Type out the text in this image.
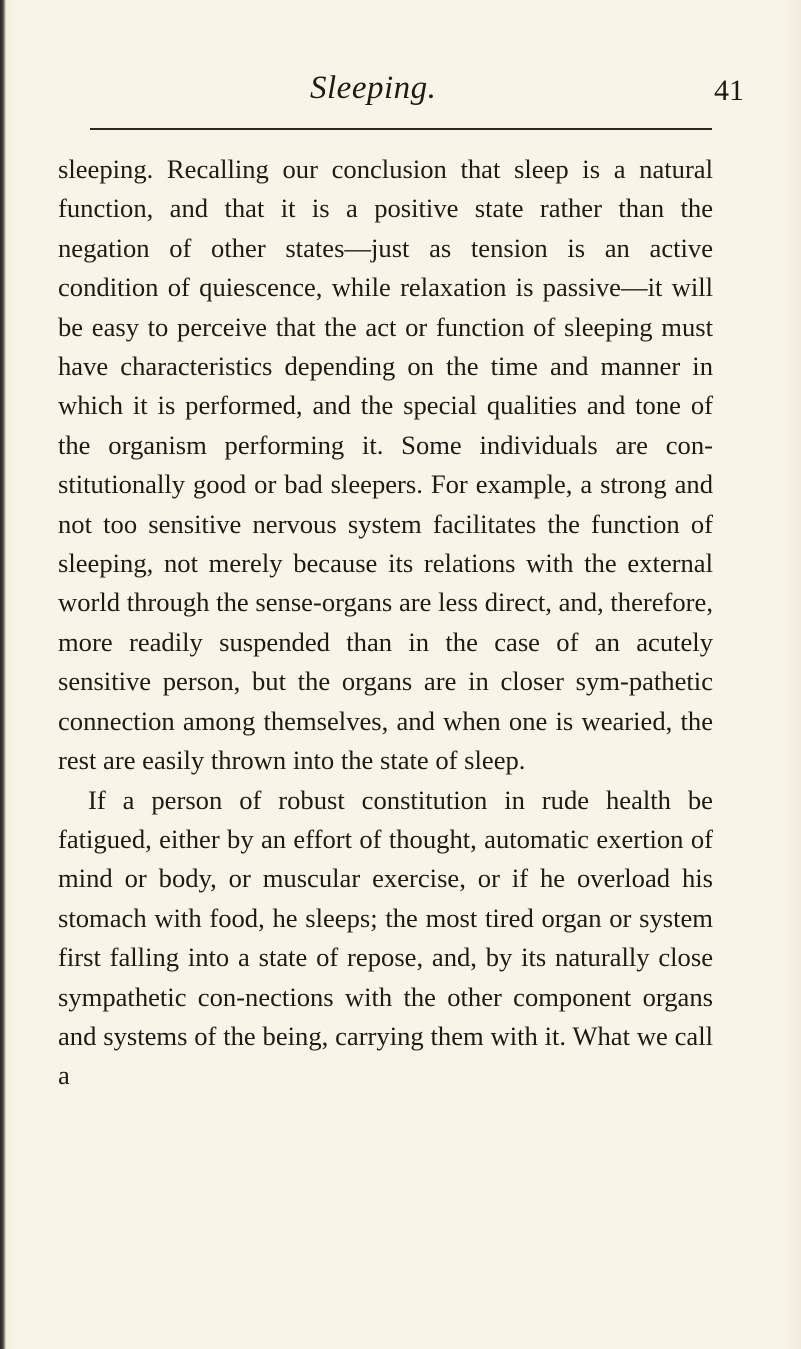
Sleeping.	41

sleeping. Recalling our conclusion that sleep is a natural function, and that it is a positive state rather than the negation of other states—just as tension is an active condition of quiescence, while relaxation is passive—it will be easy to perceive that the act or function of sleeping must have characteristics depending on the time and manner in which it is performed, and the special qualities and tone of the organism performing it. Some individuals are con-stitutionally good or bad sleepers. For example, a strong and not too sensitive nervous system facilitates the function of sleeping, not merely because its relations with the external world through the sense-organs are less direct, and, therefore, more readily suspended than in the case of an acutely sensitive person, but the organs are in closer sym-pathetic connection among themselves, and when one is wearied, the rest are easily thrown into the state of sleep.

If a person of robust constitution in rude health be fatigued, either by an effort of thought, automatic exertion of mind or body, or muscular exercise, or if he overload his stomach with food, he sleeps; the most tired organ or system first falling into a state of repose, and, by its naturally close sympathetic con-nections with the other component organs and systems of the being, carrying them with it. What we call a
